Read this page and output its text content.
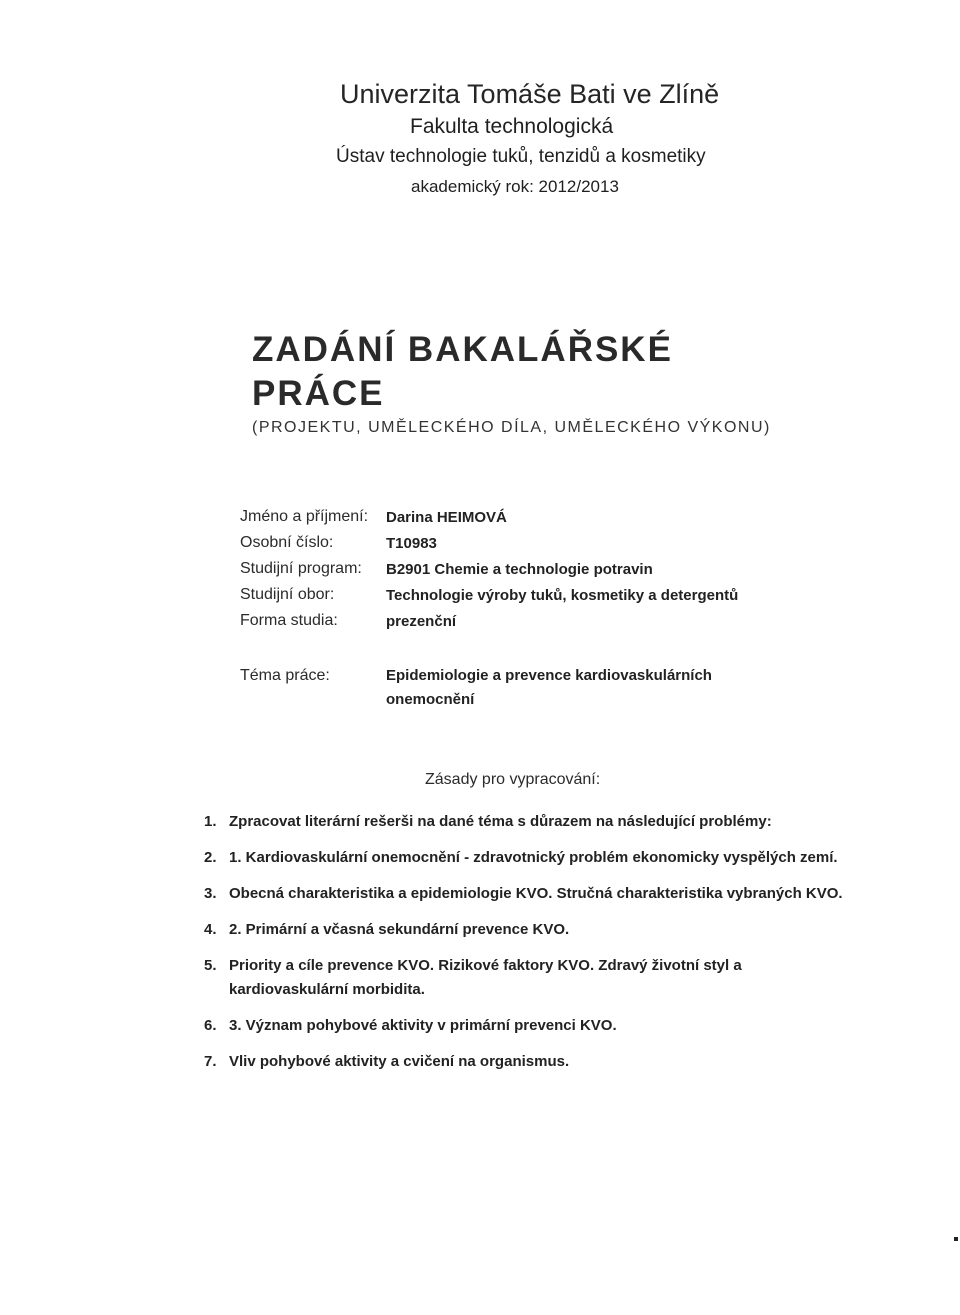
Univerzita Tomáše Bati ve Zlíně
Fakulta technologická
Ústav technologie tuků, tenzidů a kosmetiky
akademický rok: 2012/2013
ZADÁNÍ BAKALÁŘSKÉ PRÁCE
(PROJEKTU, UMĚLECKÉHO DÍLA, UMĚLECKÉHO VÝKONU)
Jméno a příjmení:	Darina HEIMOVÁ
Osobní číslo:	T10983
Studijní program:	B2901 Chemie a technologie potravin
Studijní obor:	Technologie výroby tuků, kosmetiky a detergentů
Forma studia:	prezenční
Téma práce:	Epidemiologie a prevence kardiovaskulárních onemocnění
Zásady pro vypracování:
1. Zpracovat literární rešerši na dané téma s důrazem na následující problémy:
2. 1. Kardiovaskulární onemocnění - zdravotnický problém ekonomicky vyspělých zemí.
3. Obecná charakteristika a epidemiologie KVO. Stručná charakteristika vybraných KVO.
4. 2. Primární a včasná sekundární prevence KVO.
5. Priority a cíle prevence KVO. Rizikové faktory KVO. Zdravý životní styl a kardiovaskulární morbidita.
6. 3. Význam pohybové aktivity v primární prevenci KVO.
7. Vliv pohybové aktivity a cvičení na organismus.
